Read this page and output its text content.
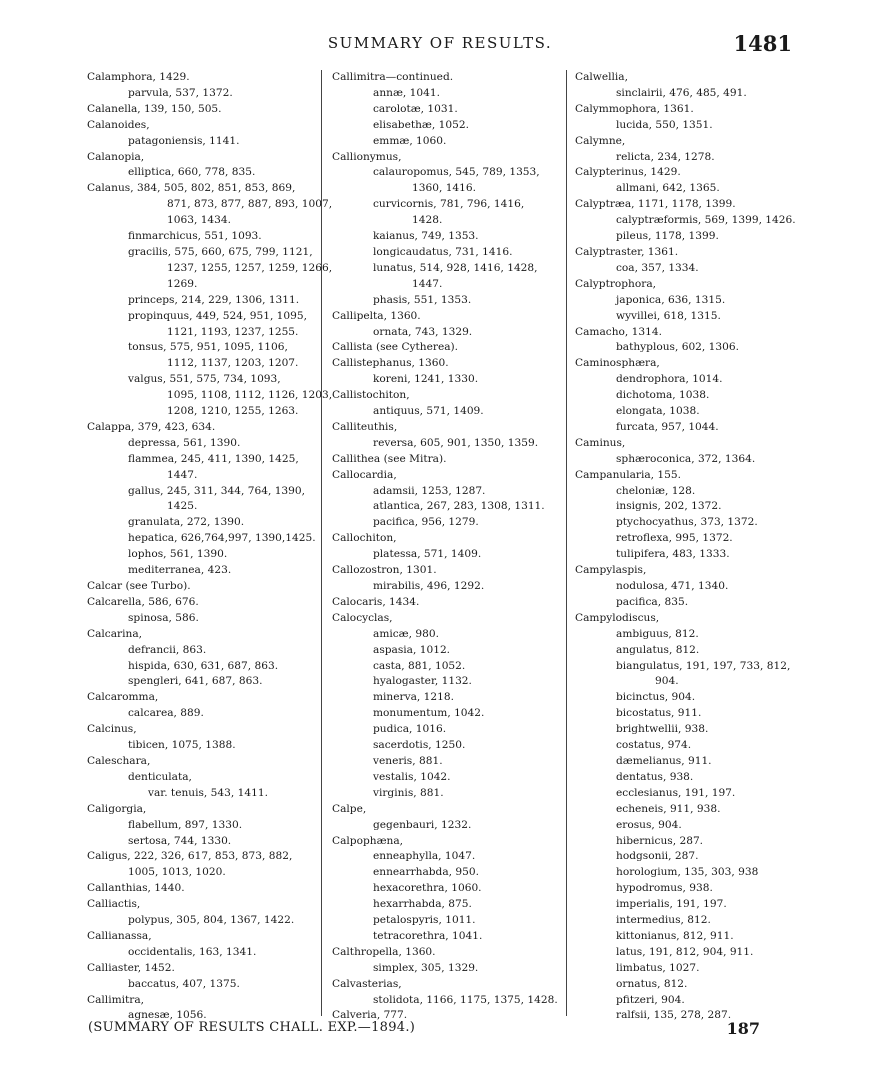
SUMMARY OF RESULTS.	1481
Calamphora, 1429.
parvula, 537, 1372.
Calanella, 139, 150, 505.
Calanoides,
patagoniensis, 1141.
Calanopia,
elliptica, 660, 778, 835.
Calanus, 384, 505, 802, 851, 853, 869,
871, 873, 877, 887, 893, 1007,
1063, 1434.
finmarchicus, 551, 1093.
gracilis, 575, 660, 675, 799, 1121,
1237, 1255, 1257, 1259, 1266,
1269.
princeps, 214, 229, 1306, 1311.
propinquus, 449, 524, 951, 1095,
1121, 1193, 1237, 1255.
tonsus, 575, 951, 1095, 1106,
1112, 1137, 1203, 1207.
valgus, 551, 575, 734, 1093,
1095, 1108, 1112, 1126, 1203,
1208, 1210, 1255, 1263.
Calappa, 379, 423, 634.
depressa, 561, 1390.
flammea, 245, 411, 1390, 1425,
1447.
gallus, 245, 311, 344, 764, 1390,
1425.
granulata, 272, 1390.
hepatica, 626,764,997, 1390,1425.
lophos, 561, 1390.
mediterranea, 423.
Calcar (see Turbo).
Calcarella, 586, 676.
spinosa, 586.
Calcarina,
defrancii, 863.
hispida, 630, 631, 687, 863.
spengleri, 641, 687, 863.
Calcaromma,
calcarea, 889.
Calcinus,
tibicen, 1075, 1388.
Caleschara,
denticulata,
var. tenuis, 543, 1411.
Caligorgia,
flabellum, 897, 1330.
sertosa, 744, 1330.
Caligus, 222, 326, 617, 853, 873, 882,
1005, 1013, 1020.
Callanthias, 1440.
Calliactis,
polypus, 305, 804, 1367, 1422.
Callianassa,
occidentalis, 163, 1341.
Calliaster, 1452.
baccatus, 407, 1375.
Callimitra,
agnesæ, 1056.
Callimitra—continued.
annæ, 1041.
carolotæ, 1031.
elisabethæ, 1052.
emmæ, 1060.
Callionymus,
calauropomus, 545, 789, 1353,
1360, 1416.
curvicornis, 781, 796, 1416,
1428.
kaianus, 749, 1353.
longicaudatus, 731, 1416.
lunatus, 514, 928, 1416, 1428,
1447.
phasis, 551, 1353.
Callipelta, 1360.
ornata, 743, 1329.
Callista (see Cytherea).
Callistephanus, 1360.
koreni, 1241, 1330.
Callistochiton,
antiquus, 571, 1409.
Calliteuthis,
reversa, 605, 901, 1350, 1359.
Callithea (see Mitra).
Callocardia,
adamsii, 1253, 1287.
atlantica, 267, 283, 1308, 1311.
pacifica, 956, 1279.
Callochiton,
platessa, 571, 1409.
Callozostron, 1301.
mirabilis, 496, 1292.
Calocaris, 1434.
Calocyclas,
amicæ, 980.
aspasia, 1012.
casta, 881, 1052.
hyalogaster, 1132.
minerva, 1218.
monumentum, 1042.
pudica, 1016.
sacerdotis, 1250.
veneris, 881.
vestalis, 1042.
virginis, 881.
Calpe,
gegenbauri, 1232.
Calpophæna,
enneaphylla, 1047.
ennearrhabda, 950.
hexacorethra, 1060.
hexarrhabda, 875.
petalospyris, 1011.
tetracorethra, 1041.
Calthropella, 1360.
simplex, 305, 1329.
Calvasterias,
stolidota, 1166, 1175, 1375, 1428.
Calveria, 777.
Calwellia,
sinclairii, 476, 485, 491.
Calymmophora, 1361.
lucida, 550, 1351.
Calymne,
relicta, 234, 1278.
Calypterinus, 1429.
allmani, 642, 1365.
Calyptræa, 1171, 1178, 1399.
calyptræformis, 569, 1399, 1426.
pileus, 1178, 1399.
Calyptraster, 1361.
coa, 357, 1334.
Calyptrophora,
japonica, 636, 1315.
wyvillei, 618, 1315.
Camacho, 1314.
bathyplous, 602, 1306.
Caminosphæra,
dendrophora, 1014.
dichotoma, 1038.
elongata, 1038.
furcata, 957, 1044.
Caminus,
sphæroconica, 372, 1364.
Campanularia, 155.
cheloniæ, 128.
insignis, 202, 1372.
ptychocyathus, 373, 1372.
retroflexa, 995, 1372.
tulipifera, 483, 1333.
Campylaspis,
nodulosa, 471, 1340.
pacifica, 835.
Campylodiscus,
ambiguus, 812.
angulatus, 812.
biangulatus, 191, 197, 733, 812,
904.
bicinctus, 904.
bicostatus, 911.
brightwellii, 938.
costatus, 974.
dæmelianus, 911.
dentatus, 938.
ecclesianus, 191, 197.
echeneis, 911, 938.
erosus, 904.
hibernicus, 287.
hodgsonii, 287.
horologium, 135, 303, 938
hypodromus, 938.
imperialis, 191, 197.
intermedius, 812.
kittonianus, 812, 911.
latus, 191, 812, 904, 911.
limbatus, 1027.
ornatus, 812.
pfitzeri, 904.
ralfsii, 135, 278, 287.
(SUMMARY OF RESULTS CHALL. EXP.—1894.)	187
